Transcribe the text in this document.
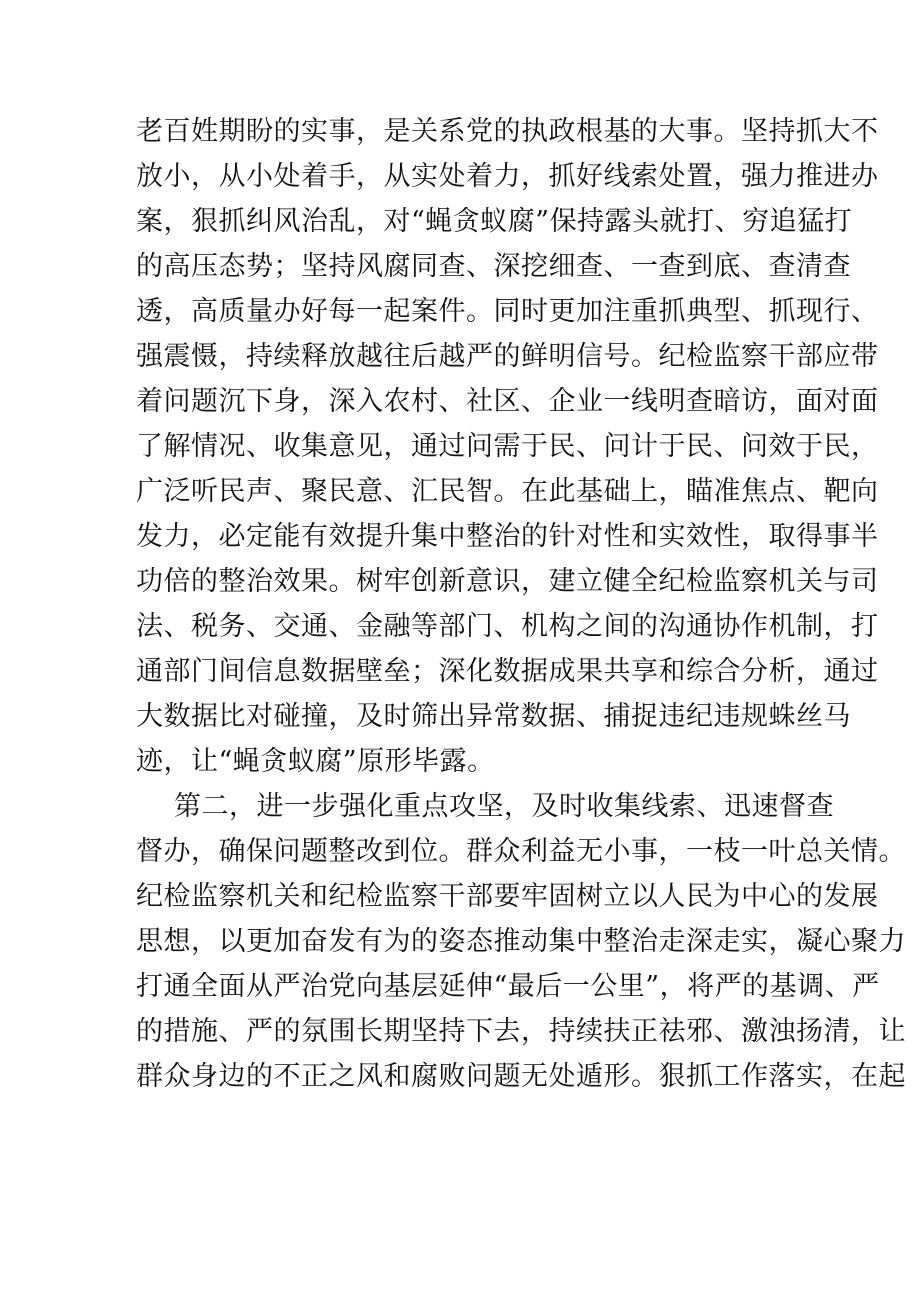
老百姓期盼的实事，是关系党的执政根基的大事。坚持抓大不
放小，从小处着手，从实处着力，抓好线索处置，强力推进办
案，狠抓纠风治乱，对“蝇贪蚁腐”保持露头就打、穷追猛打
的高压态势；坚持风腐同查、深挖细查、一查到底、查清查
透，高质量办好每一起案件。同时更加注重抓典型、抓现行、
强震慑，持续释放越往后越严的鲜明信号。纪检监察干部应带
着问题沉下身，深入农村、社区、企业一线明查暗访，面对面
了解情况、收集意见，通过问需于民、问计于民、问效于民，
广泛听民声、聚民意、汇民智。在此基础上，瞄准焦点、靶向
发力，必定能有效提升集中整治的针对性和实效性，取得事半
功倍的整治效果。树牢创新意识，建立健全纪检监察机关与司
法、税务、交通、金融等部门、机构之间的沟通协作机制，打
通部门间信息数据壁垒；深化数据成果共享和综合分析，通过
大数据比对碰撞，及时筛出异常数据、捕捉违纪违规蛛丝马
迹，让“蝇贪蚁腐”原形毕露。
第二，进一步强化重点攻坚，及时收集线索、迅速督查
督办，确保问题整改到位。群众利益无小事，一枝一叶总关情。
纪检监察机关和纪检监察干部要牢固树立以人民为中心的发展
思想，以更加奋发有为的姿态推动集中整治走深走实，凝心聚力
打通全面从严治党向基层延伸“最后一公里”，将严的基调、严
的措施、严的氛围长期坚持下去，持续扶正祛邪、激浊扬清，让
群众身边的不正之风和腐败问题无处遁形。狠抓工作落实，在起
